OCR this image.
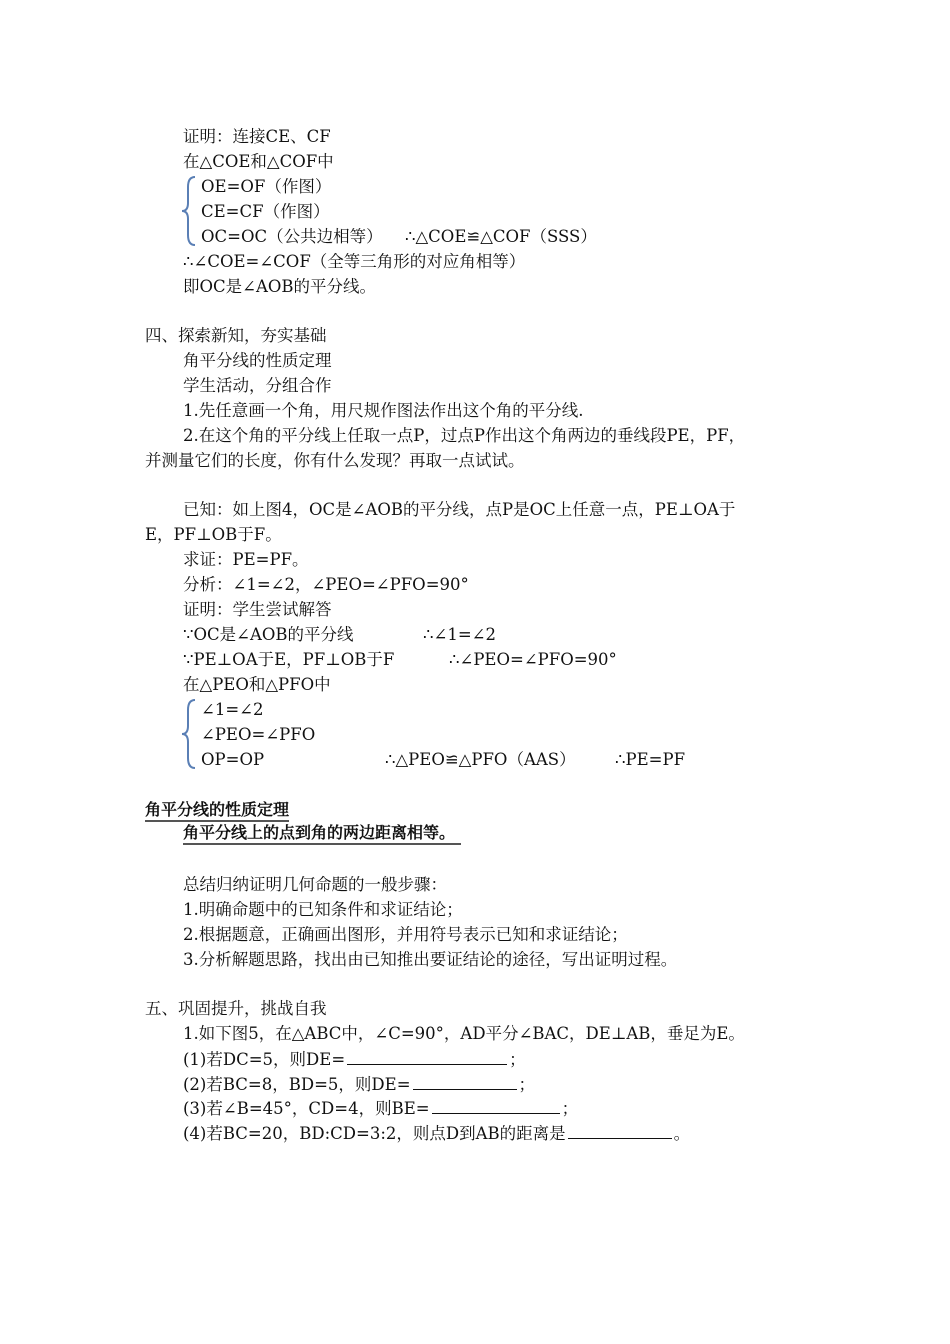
证明：连接CE、CF
在△COE和△COF中
OE=OF（作图）
CE=CF（作图）
OC=OC（公共边相等） ∴△COE≌△COF（SSS）
∴∠COE=∠COF（全等三角形的对应角相等）
即OC是∠AOB的平分线。
四、探索新知，夯实基础
角平分线的性质定理
学生活动，分组合作
1.先任意画一个角，用尺规作图法作出这个角的平分线.
2.在这个角的平分线上任取一点P，过点P作出这个角两边的垂线段PE，PF，
并测量它们的长度，你有什么发现？再取一点试试。
已知：如上图4，OC是∠AOB的平分线，点P是OC上任意一点，PE⊥OA于
E，PF⊥OB于F。
求证：PE=PF。
分析：∠1=∠2，∠PEO=∠PFO=90°
证明：学生尝试解答
∵OC是∠AOB的平分线	∴∠1=∠2
∵PE⊥OA于E，PF⊥OB于F	∴∠PEO=∠PFO=90°
在△PEO和△PFO中
∠1=∠2
∠PEO=∠PFO
OP=OP	∴△PEO≌△PFO（AAS） ∴PE=PF
角平分线的性质定理
角平分线上的点到角的两边距离相等。
总结归纳证明几何命题的一般步骤：
1.明确命题中的已知条件和求证结论；
2.根据题意，正确画出图形，并用符号表示已知和求证结论；
3.分析解题思路，找出由已知推出要证结论的途径，写出证明过程。
五、巩固提升，挑战自我
1.如下图5，在△ABC中，∠C=90°，AD平分∠BAC，DE⊥AB，垂足为E。
(1)若DC=5，则DE=	；
(2)若BC=8，BD=5，则DE=	；
(3)若∠B=45°，CD=4，则BE=	；
(4)若BC=20，BD:CD=3:2，则点D到AB的距离是	。
